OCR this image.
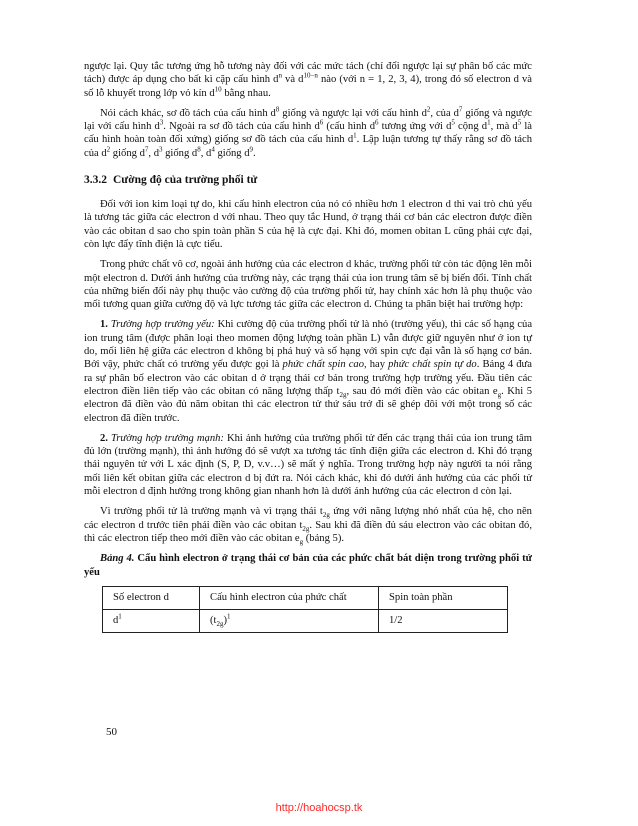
ngược lại. Quy tắc tương ứng hỗ tương này đối với các mức tách (chỉ đổi ngược lại sự phân bố các mức tách) được áp dụng cho bất kì cặp cấu hình $d^n$ và $d^{10-n}$ nào (với n = 1, 2, 3, 4), trong đó số electron d và số lỗ khuyết trong lớp vỏ kín $d^{10}$ bằng nhau.

Nói cách khác, sơ đồ tách của cấu hình $d^8$ giống và ngược lại với cấu hình $d^2$, của $d^7$ giống và ngược lại với cấu hình $d^3$. Ngoài ra sơ đồ tách của cấu hình $d^6$ (cấu hình $d^6$ tương ứng với $d^5$ cộng $d^1$, mà $d^5$ là cấu hình hoàn toàn đối xứng) giống sơ đồ tách của cấu hình $d^1$. Lập luận tương tự thấy rằng sơ đồ tách của $d^2$ giống $d^7$, $d^3$ giống $d^8$, $d^4$ giống $d^9$.

3.3.2 Cường độ của trường phối tử

Đối với ion kim loại tự do, khi cấu hình electron của nó có nhiều hơn 1 electron d thì vai trò chủ yếu là tương tác giữa các electron d với nhau. Theo quy tắc Hund, ở trạng thái cơ bản các electron được điền vào các obitan d sao cho spin toàn phần S của hệ là cực đại. Khi đó, momen obitan L cũng phải cực đại, còn lực đẩy tĩnh điện là cực tiểu.

Trong phức chất vô cơ, ngoài ảnh hưởng của các electron d khác, trường phối tử còn tác động lên mỗi một electron d. Dưới ảnh hưởng của trường này, các trạng thái của ion trung tâm sẽ bị biến đổi. Tính chất của những biến đổi này phụ thuộc vào cường độ của trường phối tử, hay chính xác hơn là phụ thuộc vào mối tương quan giữa cường độ và lực tương tác giữa các electron d. Chúng ta phân biệt hai trường hợp:

1. Trường hợp trường yếu: Khi cường độ của trường phối tử là nhỏ (trường yếu), thì các số hạng của ion trung tâm (được phân loại theo momen động lượng toàn phần L) vẫn được giữ nguyên như ở ion tự do, mối liên hệ giữa các electron d không bị phá huỷ và số hạng với spin cực đại vẫn là số hạng cơ bản. Bởi vậy, phức chất có trường yếu được gọi là phức chất spin cao, hay phức chất spin tự do. Bảng 4 đưa ra sự phân bố electron vào các obitan d ở trạng thái cơ bản trong trường hợp trường yếu. Đầu tiên các electron điền liên tiếp vào các obitan có năng lượng thấp $t_{2g}$, sau đó mới điền vào các obitan $e_g$. Khi 5 electron đã điền vào đủ năm obitan thì các electron tử thứ sáu trở đi sẽ ghép đôi với một trong số các electron đã điền trước.

2. Trường hợp trường mạnh: Khi ảnh hưởng của trường phối tử đến các trạng thái của ion trung tâm đủ lớn (trường mạnh), thì ảnh hưởng đó sẽ vượt xa tương tác tĩnh điện giữa các electron d. Khi đó trạng thái nguyên tử với L xác định (S, P, D, v.v…) sẽ mất ý nghĩa. Trong trường hợp này người ta nói rằng mối liên kết obitan giữa các electron d bị đứt ra. Nói cách khác, khi đó dưới ảnh hưởng của các phối tử mỗi electron d định hướng trong không gian nhanh hơn là dưới ảnh hưởng của các electron d còn lại.

Vì trường phối tử là trường mạnh và vì trạng thái $t_{2g}$ ứng với năng lượng nhỏ nhất của hệ, cho nên các electron d trước tiên phải điền vào các obitan $t_{2g}$. Sau khi đã điền đủ sáu electron vào các obitan đó, thì các electron tiếp theo mới điền vào các obitan $e_g$ (bảng 5).

Bảng 4. Cấu hình electron ở trạng thái cơ bản của các phức chất bát diện trong trường phối tử yếu

Số electron d	Cấu hình electron của phức chất	Spin toàn phần
$d^1$	$(t_{2g})^1$	1/2
50
http://hoahocsp.tk
